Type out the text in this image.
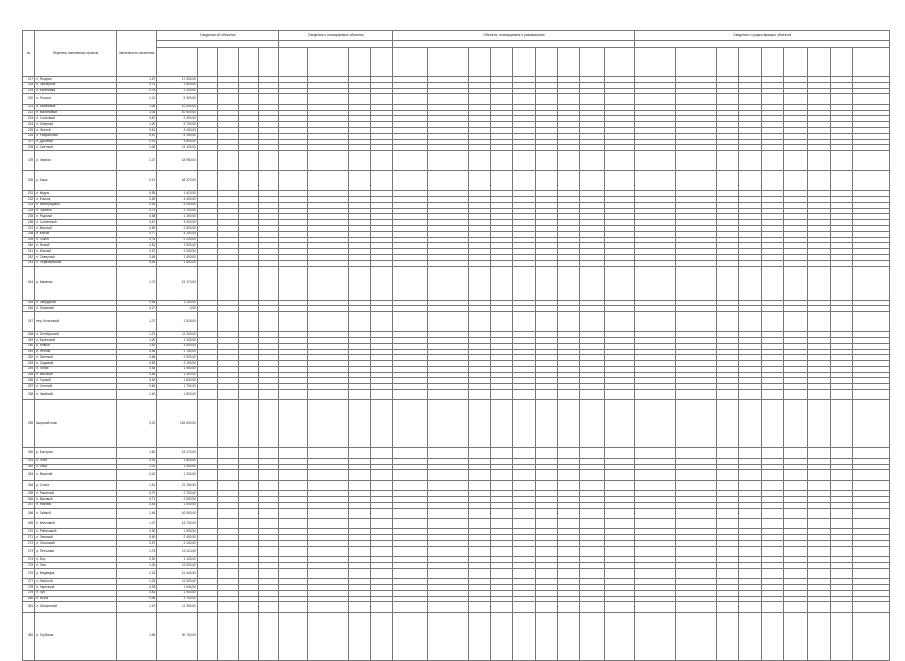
№	Перечень населенных пунктов	Численность населения	Сведения об объектах					Сведения о планируемых объектах				Объекты, планируемые к размещению									Сведения о существующих объектах								

217	п. Ягодное	1,57	17 000,00																										
218	п. Заозерное	0,74	1 500,00																										
219	п. Березовка	0,78	2 200,00																										
220	п. Полоса	1,21	5 300,00																										
221	п. Березовое	1,06	10 000,00																										
222	п. Малиновый	1,04	10 500,00																										
223	п. Сосновый	0,87	2 400,00																										
224	п. Озерный	1,00	9 700,00																										
225	п. Лесной	0,61	4 400,00																										
226	п. Раздольный	0,87	5 100,00																										
227	п. Дубовый	0,91	3 600,00																										
228	п. Светлый	1,06	11 100,00																										
229	р. Черная	1,27	18 950,00																										
230	р. Ушка	2,12	48 370,00																										
231	п. Кедры	0,55	1 410,00																										
232	п. Ельник	0,69	4 400,00																										
233	п. Виноградный	0,99	5 000,00																										
234	п. Луговой	0,71	2 700,00																										
235	п. Родники	0,58	1 300,00																										
236	п. Солнечный	0,67	3 000,00																										
237	п. Мирный	0,89	2 500,00																										
238	п. Ключи	0,77	4 100,00																										
239	п. Сокол	0,78	2 200,00																										
240	п. Ясный	0,52	1 900,00																										
241	п. Южный	0,57	2 000,00																										
242	п. Северный	0,48	1 400,00																										
243	п. Первомайский	0,55	1 600,00																										
244	р. Каменка	1,72	24 170,00																										
245	п. Запрудный	0,98	1 240,00																										
246	п. Гремячий	0,27	0,00																										
247	пер. Колхозный	1,07	1 926,00																										
248	п. Октябрьский	1,21	11 220,00																										
249	п. Береговой	1,00	1 200,00																										
250	п. Новый	1,40	3 400,00																										
251	п. Речной	0,56	1 780,00																										
252	п. Зеленый	0,66	2 000,00																										
253	п. Садовый	0,69	2 190,00																										
254	п. Тихий	0,64	1 050,00																										
255	п. Высокий	0,58	1 300,00																										
256	п. Горный	0,54	1 600,00																										
257	п. Степной	0,60	1 700,00																										
258	п. Хвойный	1,40	1 800,00																										
259	Широкий пояс	9,22	181 600,00																										
260	р. Быстрая	1,60	15 170,00																										
261	п. Плес	0,91	1 800,00																										
262	п. Омут	1,01	1 400,00																										
263	п. Верхний	0,42	1 200,00																										
264	р. Сосна	1,61	21 150,00																										
265	п. Ракитный	0,70	2 700,00																										
266	п. Вязовый	0,71	2 900,00																										
267	п. Нижний	0,53	1 400,00																										
268	п. Гайный	1,64	10 950,00																										
269	п. Кленовый	1,27	13 700,00																										
270	п. Рябиновый	0,50	1 500,00																										
271	п. Липовый	0,60	2 400,00																										
272	п. Ольховый	0,57	2 100,00																										
273	р. Песчаная	1,78	10 110,00																										
274	п. Бор	0,52	1 100,00																										
275	п. Гать	1,00	11 000,00																										
276	р. Медведка	2,15	41 440,00																										
277	п. Омутной	1,03	11 000,00																										
278	п. Заречный	0,93	1 940,00																										
279	п. Луч	0,81	1 900,00																										
280	п. Исток	0,96	3 700,00																										
281	п. Оборонный	1,19	11 300,00																										
282	р. Глубокая	1,96	30 700,00																										
